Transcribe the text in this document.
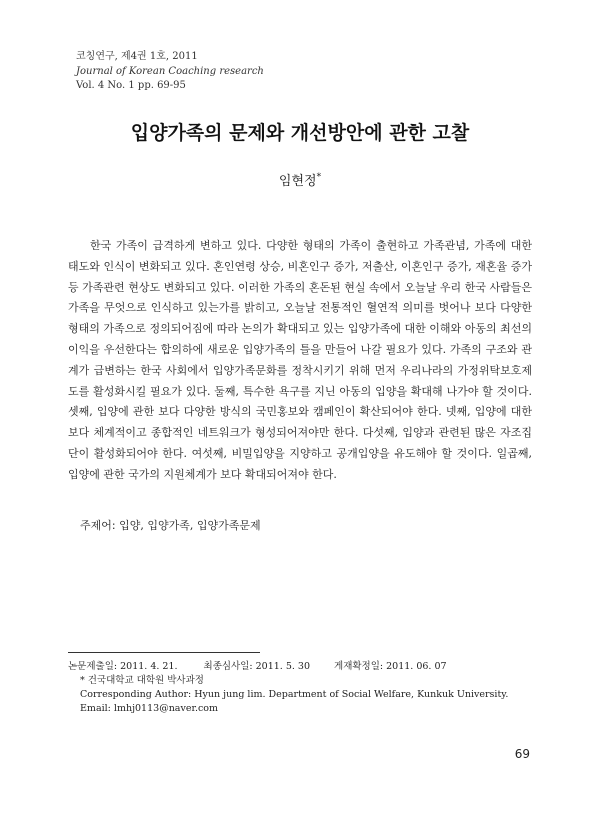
코칭연구, 제4권 1호, 2011
Journal of Korean Coaching research
Vol. 4 No. 1 pp. 69-95
입양가족의 문제와 개선방안에 관한 고찰
임현정*

한국 가족이 급격하게 변하고 있다. 다양한 형태의 가족이 출현하고 가족관념, 가족에 대한 태도와 인식이 변화되고 있다. 혼인연령 상승, 비혼인구 증가, 저출산, 이혼인구 증가, 재혼율 증가 등 가족관련 현상도 변화되고 있다. 이러한 가족의 혼돈된 현실 속에서 오늘날 우리 한국 사람들은 가족을 무엇으로 인식하고 있는가를 밝히고, 오늘날 전통적인 혈연적 의미를 벗어나 보다 다양한 형태의 가족으로 정의되어짐에 따라 논의가 확대되고 있는 입양가족에 대한 이해와 아동의 최선의 이익을 우선한다는 합의하에 새로운 입양가족의 틀을 만들어 나갈 필요가 있다. 가족의 구조와 관계가 급변하는 한국 사회에서 입양가족문화를 정착시키기 위해 먼저 우리나라의 가정위탁보호제도를 활성화시킬 필요가 있다. 둘째, 특수한 욕구를 지닌 아동의 입양을 확대해 나가야 할 것이다. 셋째, 입양에 관한 보다 다양한 방식의 국민홍보와 캠페인이 확산되어야 한다. 넷째, 입양에 대한 보다 체계적이고 종합적인 네트워크가 형성되어져야만 한다. 다섯째, 입양과 관련된 많은 자조집단이 활성화되어야 한다. 여섯째, 비밀입양을 지양하고 공개입양을 유도해야 할 것이다. 일곱째, 입양에 관한 국가의 지원체계가 보다 확대되어져야 한다.

주제어: 입양, 입양가족, 입양가족문제
논문제출일: 2011. 4. 21.	최종심사일: 2011. 5. 30	게재확정일: 2011. 06. 07
* 건국대학교 대학원 박사과정
Corresponding Author: Hyun jung lim. Department of Social Welfare, Kunkuk University.
Email: lmhj0113@naver.com
69
